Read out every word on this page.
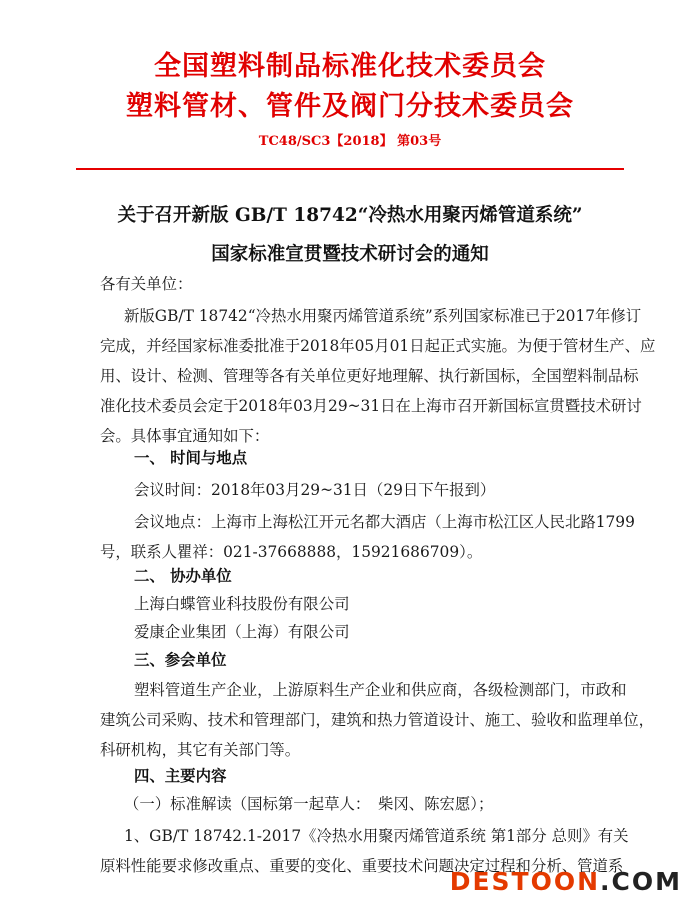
全国塑料制品标准化技术委员会
塑料管材、管件及阀门分技术委员会
TC48/SC3【2018】 第03号
关于召开新版 GB/T 18742“冷热水用聚丙烯管道系统”
国家标准宣贯暨技术研讨会的通知
各有关单位：
新版GB/T 18742“冷热水用聚丙烯管道系统”系列国家标准已于2017年修订
完成，并经国家标准委批准于2018年05月01日起正式实施。为便于管材生产、应
用、设计、检测、管理等各有关单位更好地理解、执行新国标，全国塑料制品标
准化技术委员会定于2018年03月29~31日在上海市召开新国标宣贯暨技术研讨
会。具体事宜通知如下：
一、 时间与地点
会议时间：2018年03月29~31日（29日下午报到）
会议地点：上海市上海松江开元名都大酒店（上海市松江区人民北路1799
号，联系人瞿祥：021-37668888，15921686709）。
二、 协办单位
上海白蝶管业科技股份有限公司
爱康企业集团（上海）有限公司
三、参会单位
塑料管道生产企业，上游原料生产企业和供应商，各级检测部门，市政和
建筑公司采购、技术和管理部门，建筑和热力管道设计、施工、验收和监理单位，
科研机构，其它有关部门等。
四、主要内容
（一）标准解读（国标第一起草人：　柴冈、陈宏愿）；
1、GB/T 18742.1-2017《冷热水用聚丙烯管道系统 第1部分 总则》有关
原料性能要求修改重点、重要的变化、重要技术问题决定过程和分析、管道系
DESTOON.COM
